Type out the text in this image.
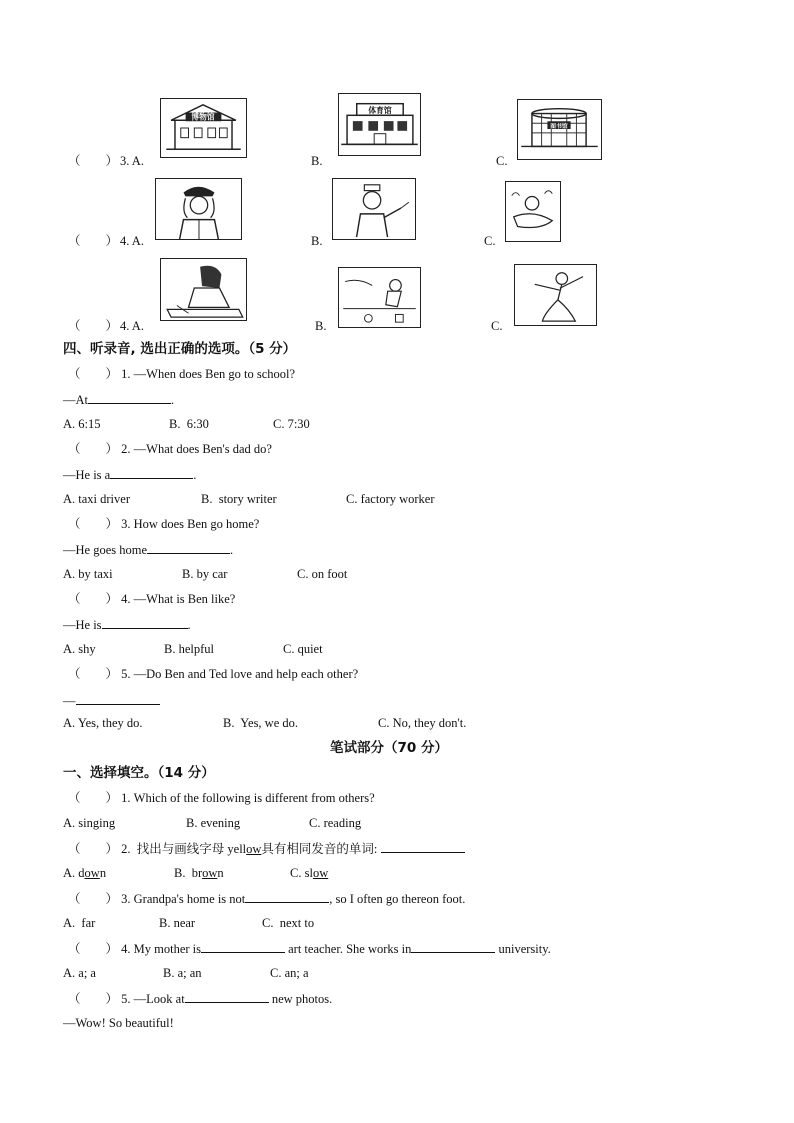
博物馆
体育馆
图书馆
（　　） 3. A.	B.	C.
（　　） 4. A.	B.	C.
（　　） 4. A.	B.	C.
四、听录音, 选出正确的选项。（5 分）
（　　） 1. —When does Ben go to school?
—At	.
A. 6:15	B.  6:30	C. 7:30
（　　） 2. —What does Ben's dad do?
—He is a	.
A. taxi driver	B.  story writer	C. factory worker
（　　） 3. How does Ben go home?
—He goes home	.
A. by taxi	B. by car	C. on foot
（　　） 4. —What is Ben like?
—He is	.
A. shy	B. helpful	C. quiet
（　　） 5. —Do Ben and Ted love and help each other?
—
A. Yes, they do.	B.  Yes, we do.	C. No, they don't.
笔试部分（70 分）
一、选择填空。（14 分）
（　　） 1. Which of the following is different from others?
A. singing	B. evening	C. reading
（　　） 2.  找出与画线字母 yellow具有相同发音的单词:
A. down	B.  brown	C. slow
（　　） 3. Grandpa's home is not	, so I often go thereon foot.
A.  far	B. near	C.  next to
（　　） 4. My mother is	art teacher. She works in	university.
A. a; a	B. a; an	C. an; a
（　　） 5. —Look at	new photos.
—Wow! So beautiful!
